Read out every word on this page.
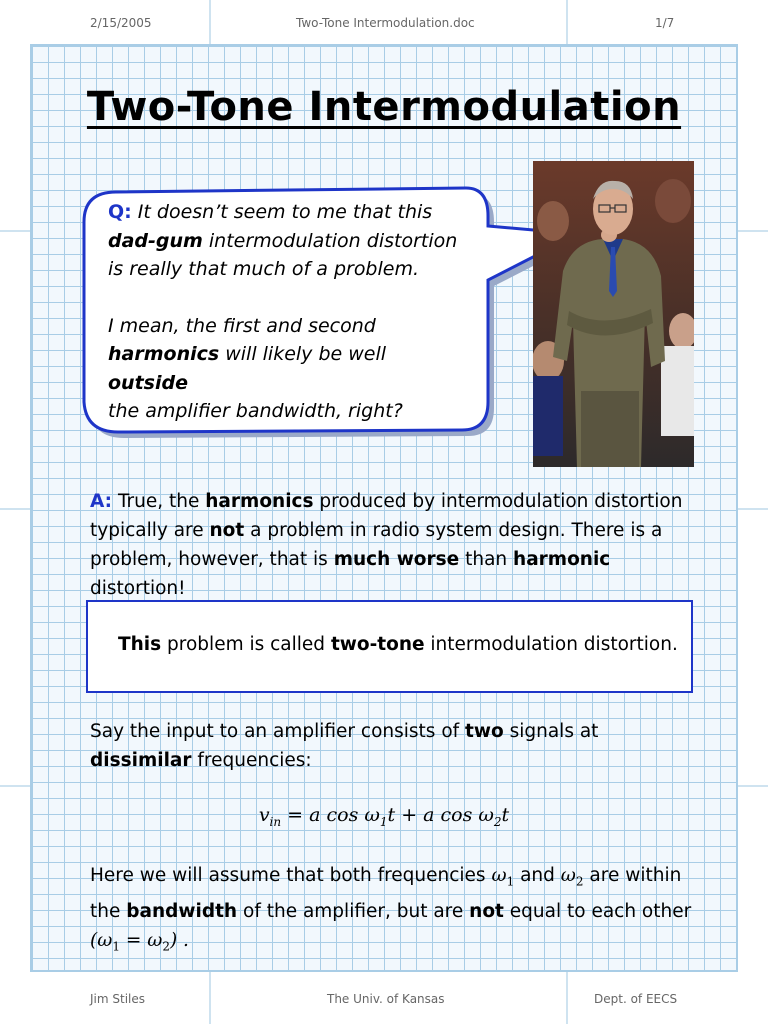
2/15/2005	Two-Tone Intermodulation.doc	1/7
Two-Tone Intermodulation
Q: It doesn’t seem to me that this
dad-gum intermodulation distortion
is really that much of a problem.
I mean, the first and second
harmonics will likely be well outside
the amplifier bandwidth, right?
A: True, the harmonics produced by intermodulation distortion typically are not a problem in radio system design. There is a problem, however, that is much worse than harmonic distortion!
This problem is called two-tone intermodulation distortion.
Say the input to an amplifier consists of two signals at dissimilar frequencies:
$v_{in} = a$ $\cos \omega_1t + a$ $\cos \omega_2t$
Here we will assume that both frequencies $\omega_1$ and $\omega_2$ are within the bandwidth of the amplifier, but are not equal to each other $(\omega_1 = \omega_2)$ .
Jim Stiles	The Univ. of Kansas	Dept. of EECS
